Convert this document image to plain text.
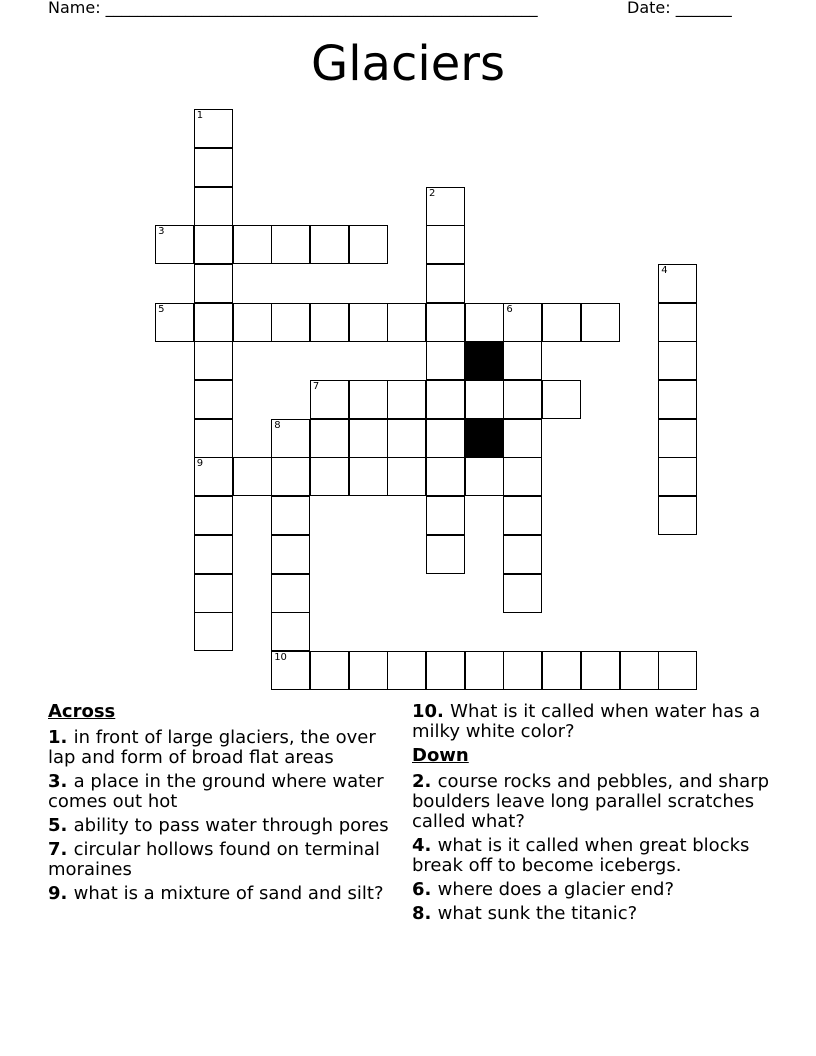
Name: ______________________________________________________	Date: _______
Glaciers
1
9
2
3
4
5	6
7
8
10
Across
1. in front of large glaciers, the over lap and form of broad flat areas
3. a place in the ground where water comes out hot
5. ability to pass water through pores
7. circular hollows found on terminal moraines
9. what is a mixture of sand and silt?
10. What is it called when water has a milky white color?
Down
2. course rocks and pebbles, and sharp boulders leave long parallel scratches called what?
4. what is it called when great blocks break off to become icebergs.
6. where does a glacier end?
8. what sunk the titanic?
